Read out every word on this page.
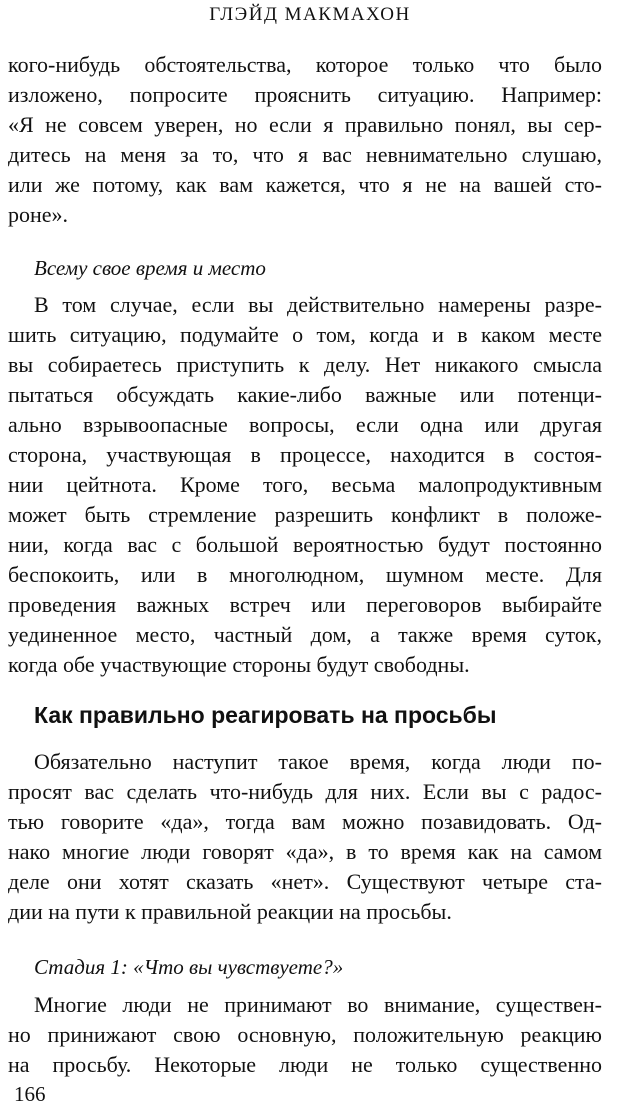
ГЛЭЙД МАКМАХОН
кого-нибудь обстоятельства, которое только что было
изложено, попросите прояснить ситуацию. Например:
«Я не совсем уверен, но если я правильно понял, вы сер-
дитесь на меня за то, что я вас невнимательно слушаю,
или же потому, как вам кажется, что я не на вашей сто-
роне».
Всему свое время и место
В том случае, если вы действительно намерены разре-
шить ситуацию, подумайте о том, когда и в каком месте
вы собираетесь приступить к делу. Нет никакого смысла
пытаться обсуждать какие-либо важные или потенци-
ально взрывоопасные вопросы, если одна или другая
сторона, участвующая в процессе, находится в состоя-
нии цейтнота. Кроме того, весьма малопродуктивным
может быть стремление разрешить конфликт в положе-
нии, когда вас с большой вероятностью будут постоянно
беспокоить, или в многолюдном, шумном месте. Для
проведения важных встреч или переговоров выбирайте
уединенное место, частный дом, а также время суток,
когда обе участвующие стороны будут свободны.
Как правильно реагировать на просьбы
Обязательно наступит такое время, когда люди по-
просят вас сделать что-нибудь для них. Если вы с радос-
тью говорите «да», тогда вам можно позавидовать. Од-
нако многие люди говорят «да», в то время как на самом
деле они хотят сказать «нет». Существуют четыре ста-
дии на пути к правильной реакции на просьбы.
Стадия 1: «Что вы чувствуете?»
Многие люди не принимают во внимание, существен-
но принижают свою основную, положительную реакцию
на просьбу. Некоторые люди не только существенно
166
